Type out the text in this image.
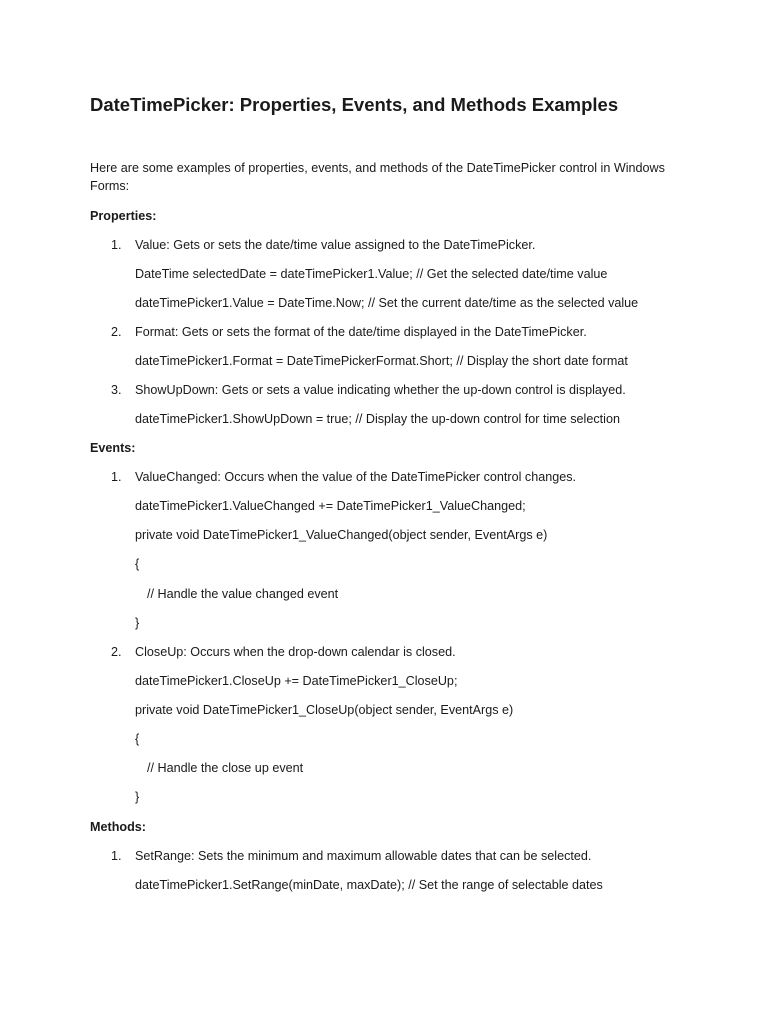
DateTimePicker: Properties, Events, and Methods Examples
Here are some examples of properties, events, and methods of the DateTimePicker control in Windows Forms:
Properties:
1. Value: Gets or sets the date/time value assigned to the DateTimePicker.
DateTime selectedDate = dateTimePicker1.Value; // Get the selected date/time value
dateTimePicker1.Value = DateTime.Now; // Set the current date/time as the selected value
2. Format: Gets or sets the format of the date/time displayed in the DateTimePicker.
dateTimePicker1.Format = DateTimePickerFormat.Short; // Display the short date format
3. ShowUpDown: Gets or sets a value indicating whether the up-down control is displayed.
dateTimePicker1.ShowUpDown = true; // Display the up-down control for time selection
Events:
1. ValueChanged: Occurs when the value of the DateTimePicker control changes.
dateTimePicker1.ValueChanged += DateTimePicker1_ValueChanged;
private void DateTimePicker1_ValueChanged(object sender, EventArgs e)
{
// Handle the value changed event
}
2. CloseUp: Occurs when the drop-down calendar is closed.
dateTimePicker1.CloseUp += DateTimePicker1_CloseUp;
private void DateTimePicker1_CloseUp(object sender, EventArgs e)
{
// Handle the close up event
}
Methods:
1. SetRange: Sets the minimum and maximum allowable dates that can be selected.
dateTimePicker1.SetRange(minDate, maxDate); // Set the range of selectable dates
